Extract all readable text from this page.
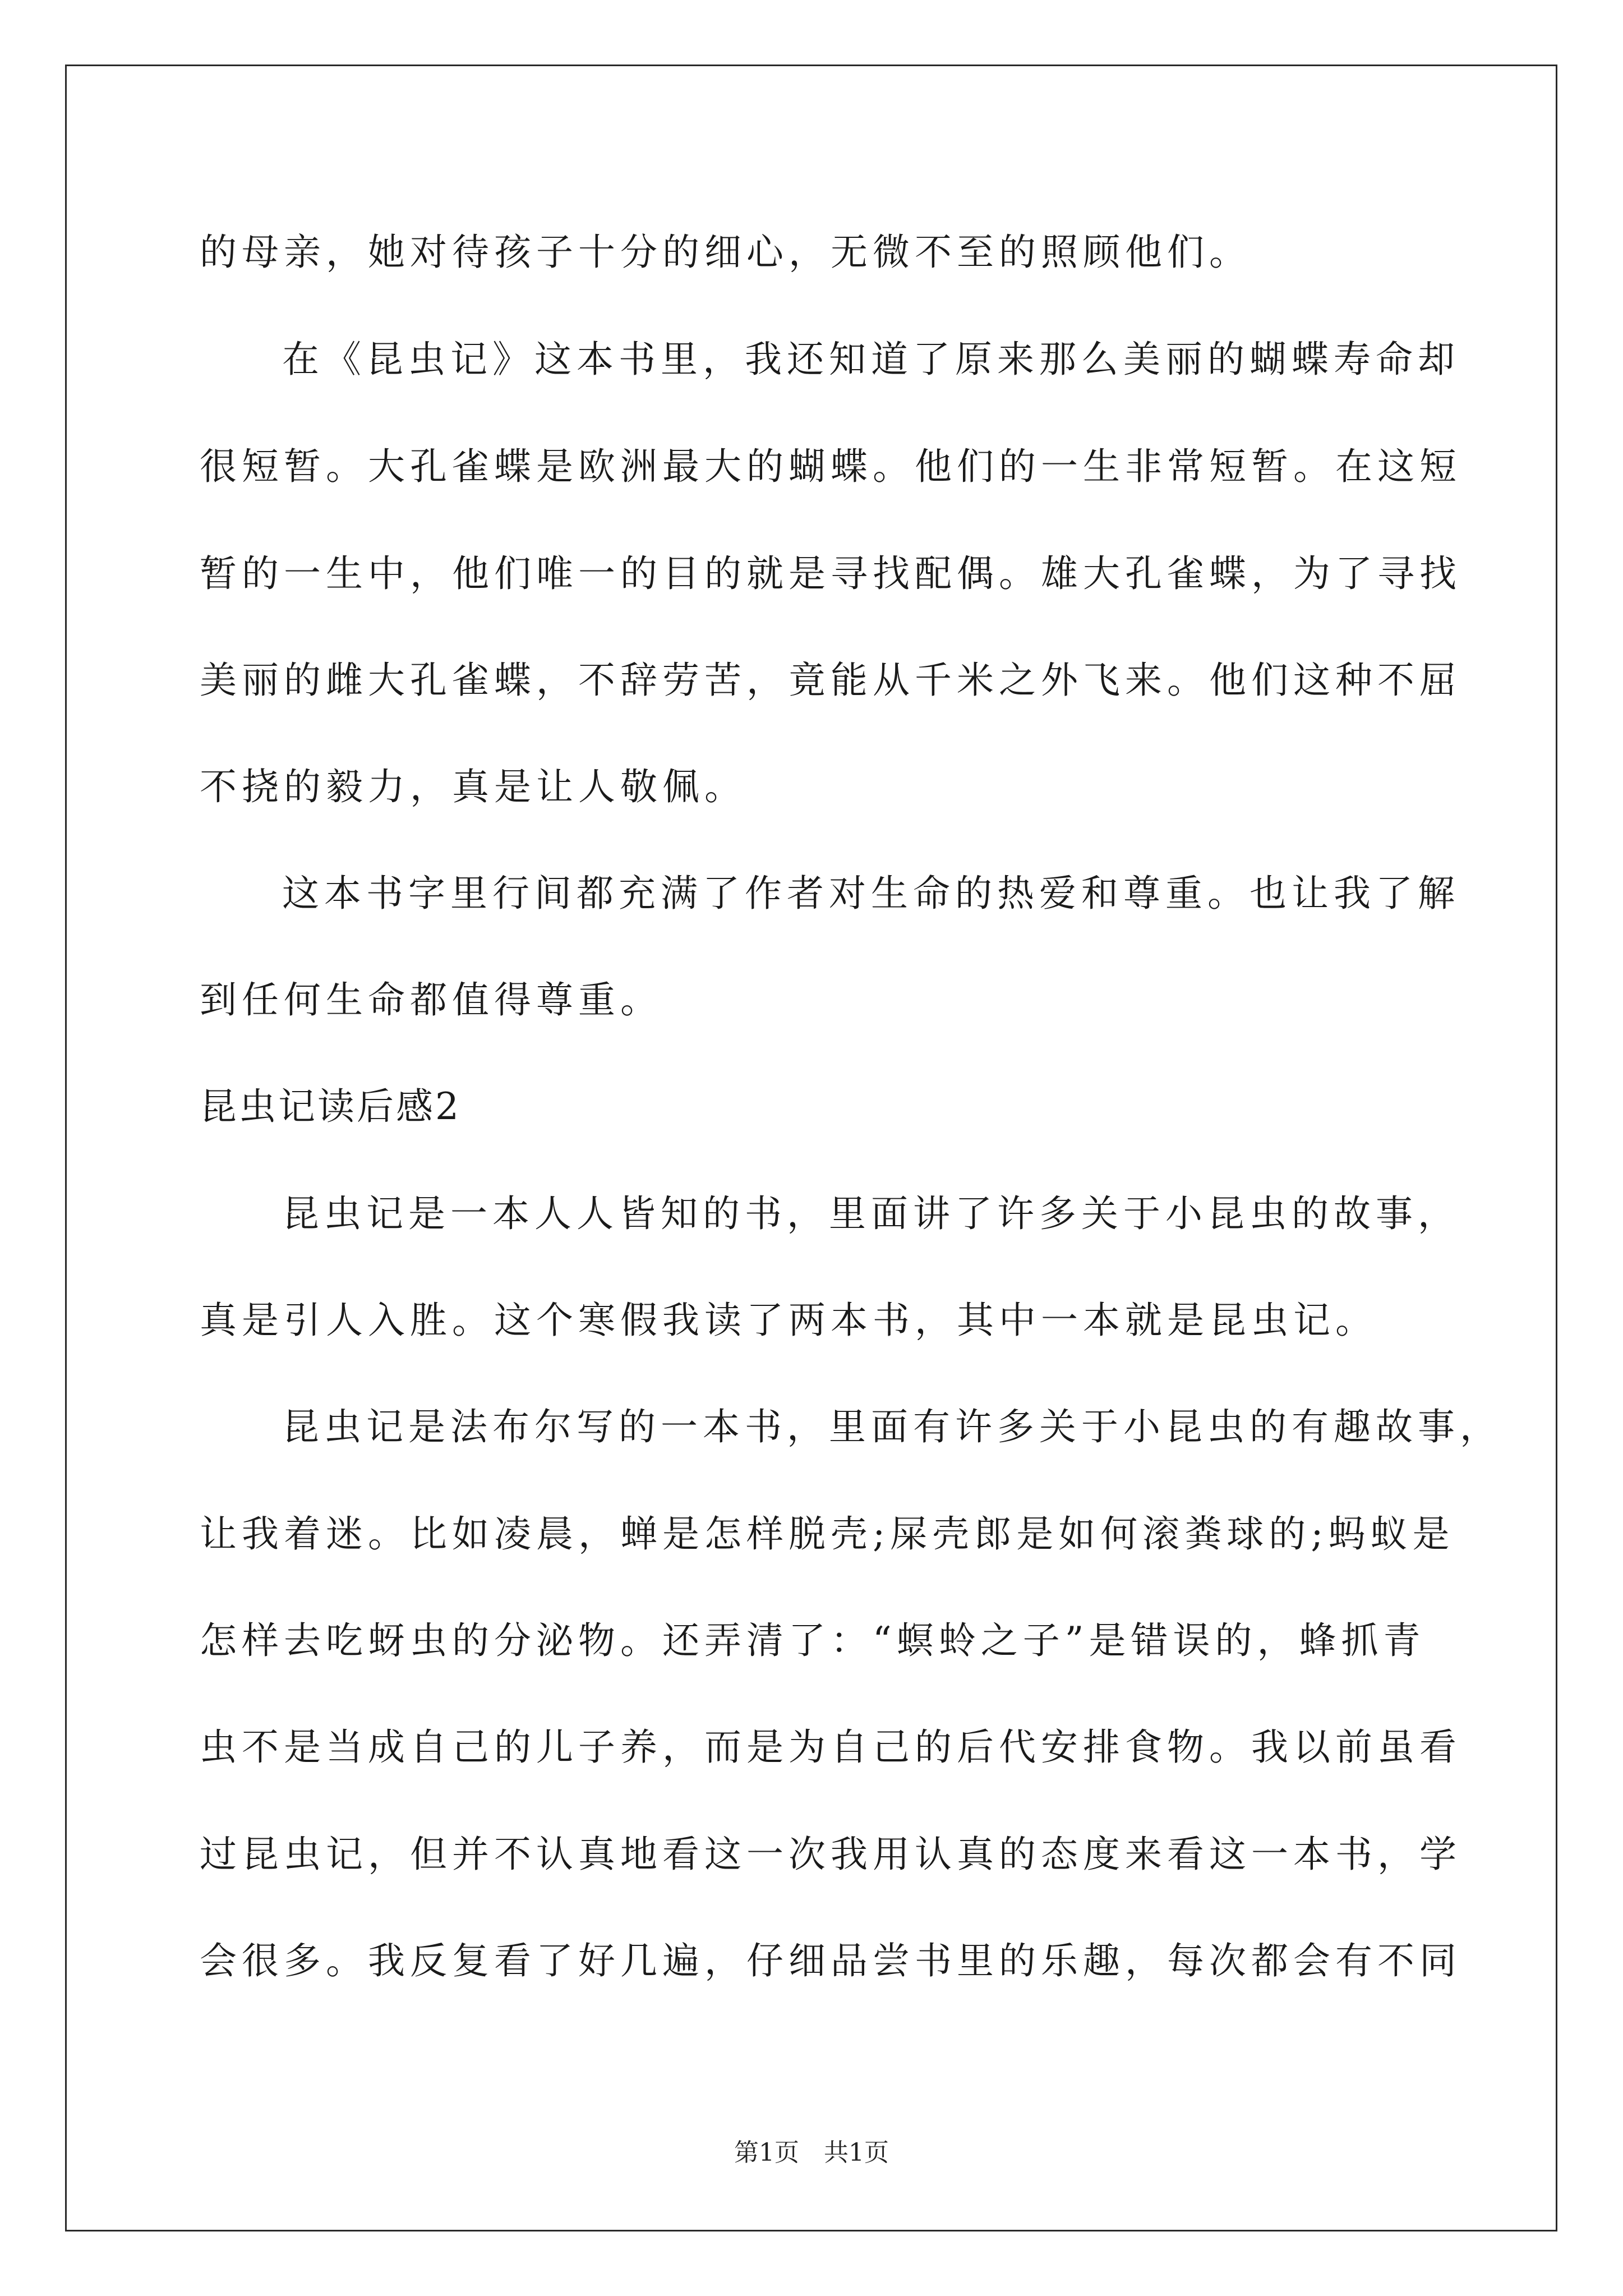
的母亲，她对待孩子十分的细心，无微不至的照顾他们。
在《昆虫记》这本书里，我还知道了原来那么美丽的蝴蝶寿命却
很短暂。大孔雀蝶是欧洲最大的蝴蝶。他们的一生非常短暂。在这短
暂的一生中，他们唯一的目的就是寻找配偶。雄大孔雀蝶，为了寻找
美丽的雌大孔雀蝶，不辞劳苦，竟能从千米之外飞来。他们这种不屈
不挠的毅力，真是让人敬佩。
这本书字里行间都充满了作者对生命的热爱和尊重。也让我了解
到任何生命都值得尊重。
昆虫记读后感2
昆虫记是一本人人皆知的书，里面讲了许多关于小昆虫的故事，
真是引人入胜。这个寒假我读了两本书，其中一本就是昆虫记。
昆虫记是法布尔写的一本书，里面有许多关于小昆虫的有趣故事，
让我着迷。比如凌晨，蝉是怎样脱壳;屎壳郎是如何滚粪球的;蚂蚁是
怎样去吃蚜虫的分泌物。还弄清了：“螟蛉之子”是错误的，蜂抓青
虫不是当成自己的儿子养，而是为自己的后代安排食物。我以前虽看
过昆虫记，但并不认真地看这一次我用认真的态度来看这一本书，学
会很多。我反复看了好几遍，仔细品尝书里的乐趣，每次都会有不同
第1页　共1页
